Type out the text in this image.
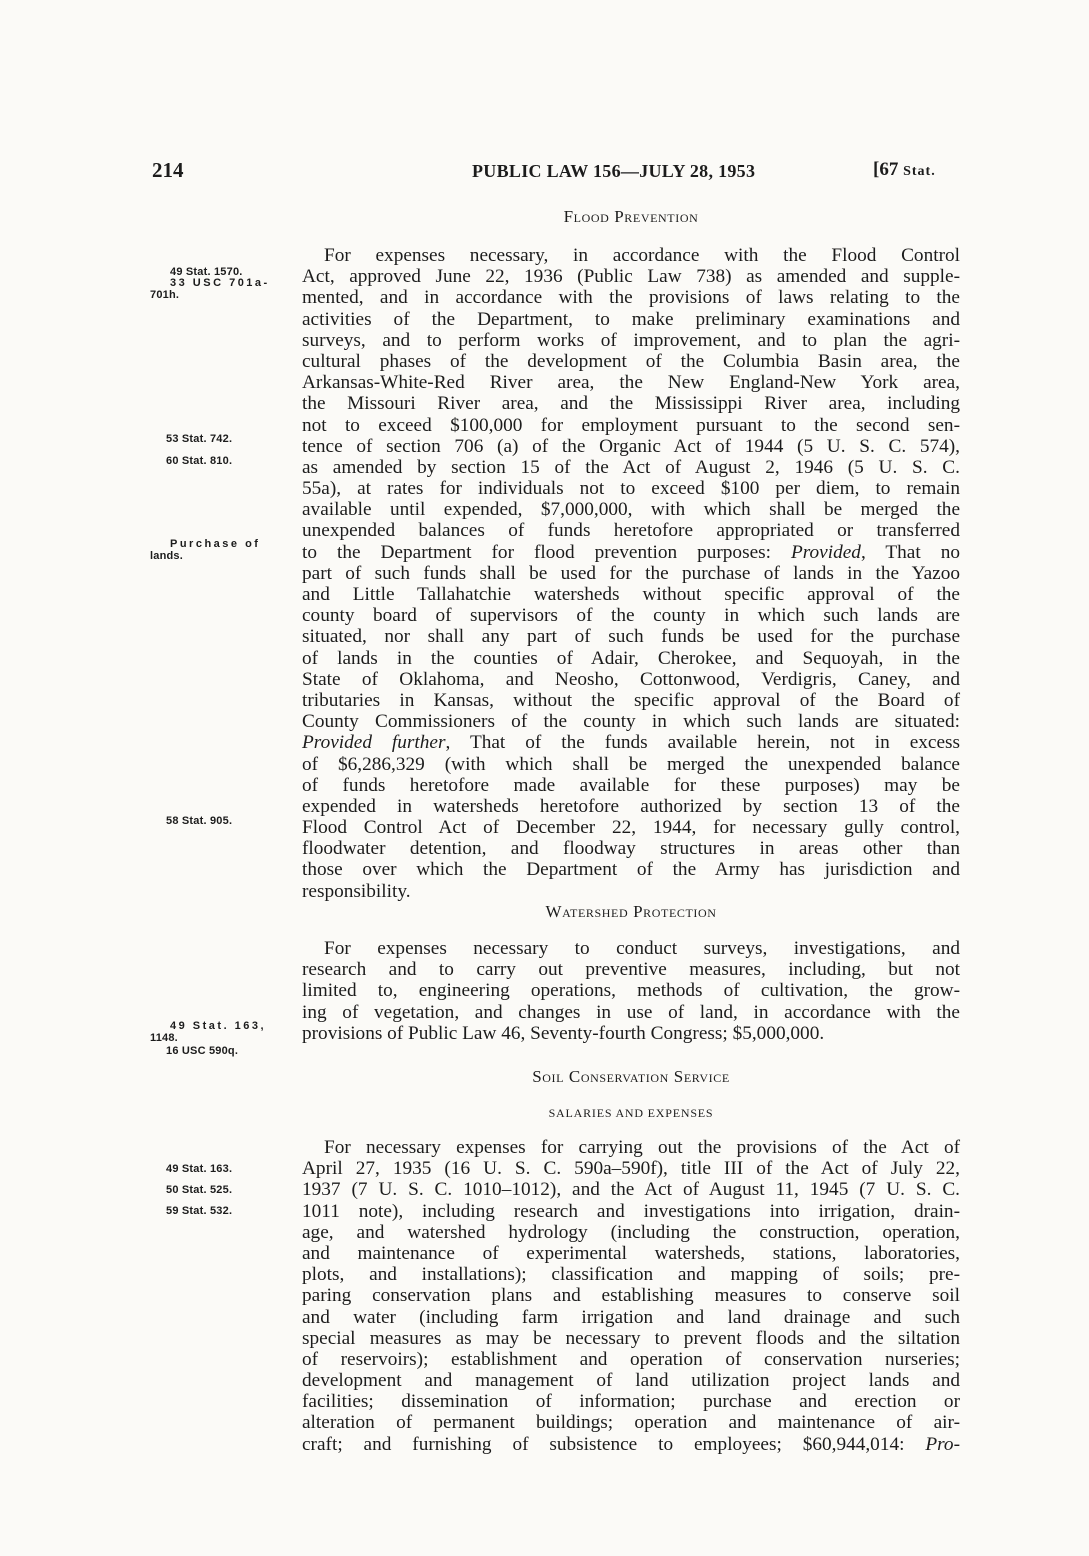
214	PUBLIC LAW 156—JULY 28, 1953	[67 Stat.
Flood Prevention
For expenses necessary, in accordance with the Flood Control
Act, approved June 22, 1936 (Public Law 738) as amended and supple-
mented, and in accordance with the provisions of laws relating to the
activities of the Department, to make preliminary examinations and
surveys, and to perform works of improvement, and to plan the agri-
cultural phases of the development of the Columbia Basin area, the
Arkansas-White-Red River area, the New England-New York area,
the Missouri River area, and the Mississippi River area, including
not to exceed $100,000 for employment pursuant to the second sen-
tence of section 706 (a) of the Organic Act of 1944 (5 U. S. C. 574),
as amended by section 15 of the Act of August 2, 1946 (5 U. S. C.
55a), at rates for individuals not to exceed $100 per diem, to remain
available until expended, $7,000,000, with which shall be merged the
unexpended balances of funds heretofore appropriated or transferred
to the Department for flood prevention purposes: Provided, That no
part of such funds shall be used for the purchase of lands in the Yazoo
and Little Tallahatchie watersheds without specific approval of the
county board of supervisors of the county in which such lands are
situated, nor shall any part of such funds be used for the purchase
of lands in the counties of Adair, Cherokee, and Sequoyah, in the
State of Oklahoma, and Neosho, Cottonwood, Verdigris, Caney, and
tributaries in Kansas, without the specific approval of the Board of
County Commissioners of the county in which such lands are situated:
Provided further, That of the funds available herein, not in excess
of $6,286,329 (with which shall be merged the unexpended balance
of funds heretofore made available for these purposes) may be
expended in watersheds heretofore authorized by section 13 of the
Flood Control Act of December 22, 1944, for necessary gully control,
floodwater detention, and floodway structures in areas other than
those over which the Department of the Army has jurisdiction and
responsibility.
Watershed Protection
For expenses necessary to conduct surveys, investigations, and
research and to carry out preventive measures, including, but not
limited to, engineering operations, methods of cultivation, the grow-
ing of vegetation, and changes in use of land, in accordance with the
provisions of Public Law 46, Seventy-fourth Congress; $5,000,000.
Soil Conservation Service
SALARIES AND EXPENSES
For necessary expenses for carrying out the provisions of the Act of
April 27, 1935 (16 U. S. C. 590a–590f), title III of the Act of July 22,
1937 (7 U. S. C. 1010–1012), and the Act of August 11, 1945 (7 U. S. C.
1011 note), including research and investigations into irrigation, drain-
age, and watershed hydrology (including the construction, operation,
and maintenance of experimental watersheds, stations, laboratories,
plots, and installations); classification and mapping of soils; pre-
paring conservation plans and establishing measures to conserve soil
and water (including farm irrigation and land drainage and such
special measures as may be necessary to prevent floods and the siltation
of reservoirs); establishment and operation of conservation nurseries;
development and management of land utilization project lands and
facilities; dissemination of information; purchase and erection or
alteration of permanent buildings; operation and maintenance of air-
craft; and furnishing of subsistence to employees; $60,944,014: Pro-
49 Stat. 1570.
33 USC 701a-
701h.
53 Stat. 742.
60 Stat. 810.
Purchase of
lands.
58 Stat. 905.
49 Stat. 163,
1148.
16 USC 590q.
49 Stat. 163.
50 Stat. 525.
59 Stat. 532.
